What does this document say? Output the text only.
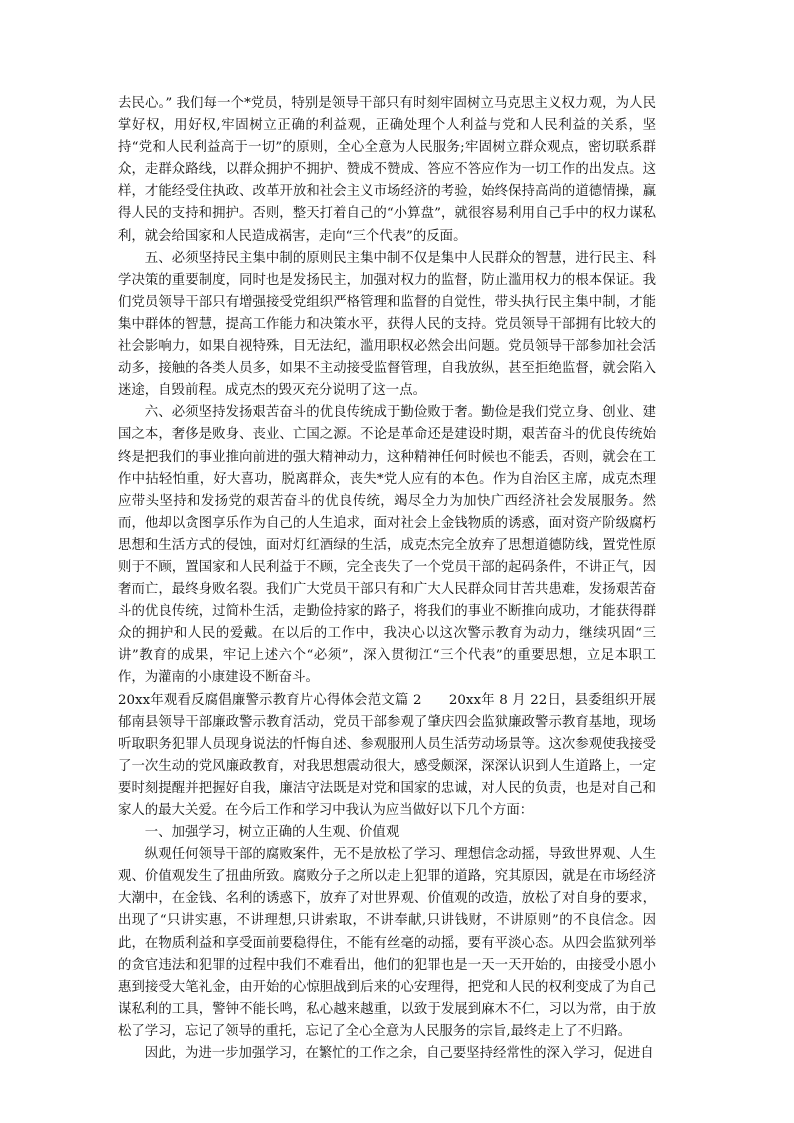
去民心。” 我们每一个*党员，特别是领导干部只有时刻牢固树立马克思主义权力观，为人民掌好权，用好权,牢固树立正确的利益观，正确处理个人利益与党和人民利益的关系，坚持“党和人民利益高于一切”的原则，全心全意为人民服务;牢固树立群众观点，密切联系群众，走群众路线，以群众拥护不拥护、赞成不赞成、答应不答应作为一切工作的出发点。这样，才能经受住执政、改革开放和社会主义市场经济的考验，始终保持高尚的道德情操，赢得人民的支持和拥护。否则，整天打着自己的“小算盘”，就很容易利用自己手中的权力谋私利，就会给国家和人民造成祸害，走向“三个代表”的反面。

五、必须坚持民主集中制的原则民主集中制不仅是集中人民群众的智慧，进行民主、科学决策的重要制度，同时也是发扬民主，加强对权力的监督，防止滥用权力的根本保证。我们党员领导干部只有增强接受党组织严格管理和监督的自觉性，带头执行民主集中制，才能集中群体的智慧，提高工作能力和决策水平，获得人民的支持。党员领导干部拥有比较大的社会影响力，如果自视特殊，目无法纪，滥用职权必然会出问题。党员领导干部参加社会活动多，接触的各类人员多，如果不主动接受监督管理，自我放纵，甚至拒绝监督，就会陷入迷途，自毁前程。成克杰的毁灭充分说明了这一点。

六、必须坚持发扬艰苦奋斗的优良传统成于勤俭败于奢。勤俭是我们党立身、创业、建国之本，奢侈是败身、丧业、亡国之源。不论是革命还是建设时期，艰苦奋斗的优良传统始终是把我们的事业推向前进的强大精神动力，这种精神任何时候也不能丢，否则，就会在工作中拈轻怕重，好大喜功，脱离群众，丧失*党人应有的本色。作为自治区主席，成克杰理应带头坚持和发扬党的艰苦奋斗的优良传统，竭尽全力为加快广西经济社会发展服务。然而，他却以贪图享乐作为自己的人生追求，面对社会上金钱物质的诱惑，面对资产阶级腐朽思想和生活方式的侵蚀，面对灯红酒绿的生活，成克杰完全放弃了思想道德防线，置党性原则于不顾，置国家和人民利益于不顾，完全丧失了一个党员干部的起码条件，不讲正气，因奢而亡，最终身败名裂。我们广大党员干部只有和广大人民群众同甘苦共患难，发扬艰苦奋斗的优良传统，过简朴生活，走勤俭持家的路子，将我们的事业不断推向成功，才能获得群众的拥护和人民的爱戴。在以后的工作中，我决心以这次警示教育为动力，继续巩固“三讲”教育的成果，牢记上述六个“必须”，深入贯彻江“三个代表”的重要思想，立足本职工作，为灌南的小康建设不断奋斗。

20xx年观看反腐倡廉警示教育片心得体会范文篇 2　　20xx年 8 月 22日，县委组织开展郁南县领导干部廉政警示教育活动，党员干部参观了肇庆四会监狱廉政警示教育基地，现场听取职务犯罪人员现身说法的忏悔自述、参观服刑人员生活劳动场景等。这次参观使我接受了一次生动的党风廉政教育，对我思想震动很大，感受颇深，深深认识到人生道路上，一定要时刻提醒并把握好自我，廉洁守法既是对党和国家的忠诚，对人民的负责，也是对自己和家人的最大关爱。在今后工作和学习中我认为应当做好以下几个方面：

一、加强学习，树立正确的人生观、价值观

纵观任何领导干部的腐败案件，无不是放松了学习、理想信念动摇，导致世界观、人生观、价值观发生了扭曲所致。腐败分子之所以走上犯罪的道路，究其原因，就是在市场经济大潮中，在金钱、名利的诱惑下，放弃了对世界观、价值观的改造，放松了对自身的要求，出现了“只讲实惠，不讲理想,只讲索取，不讲奉献,只讲钱财，不讲原则”的不良信念。因此，在物质利益和享受面前要稳得住，不能有丝毫的动摇，要有平淡心态。从四会监狱列举的贪官违法和犯罪的过程中我们不难看出，他们的犯罪也是一天一天开始的，由接受小恩小惠到接受大笔礼金，由开始的心惊胆战到后来的心安理得，把党和人民的权利变成了为自己谋私利的工具，警钟不能长鸣，私心越来越重，以致于发展到麻木不仁，习以为常，由于放松了学习，忘记了领导的重托，忘记了全心全意为人民服务的宗旨,最终走上了不归路。

因此，为进一步加强学习，在繁忙的工作之余，自己要坚持经常性的深入学习，促进自
